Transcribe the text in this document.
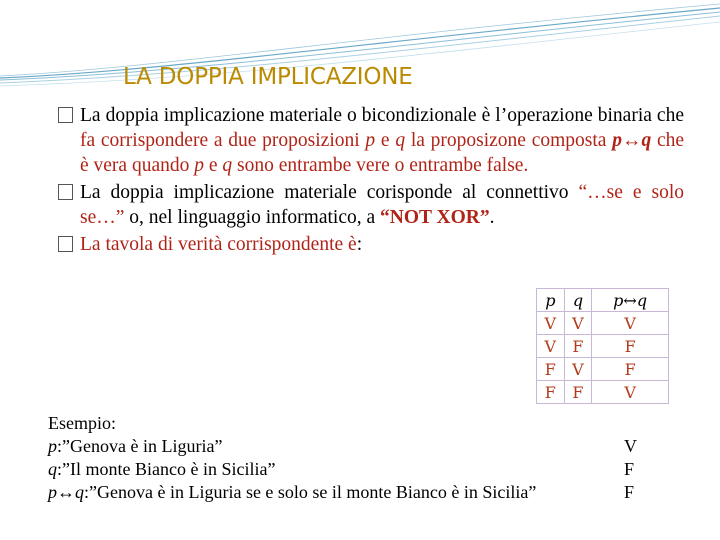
LA DOPPIA IMPLICAZIONE

La doppia implicazione materiale o bicondizionale è l’operazione binaria che fa corrispondere a due proposizioni p e q la proposizone composta p↔q che è vera quando p e q sono entrambe vere o entrambe false.

La doppia implicazione materiale corisponde al connettivo “…se e solo se…” o, nel linguaggio informatico, a “NOT XOR”.

La tavola di verità corrispondente è:

p	q	p↔q
V	V	V
V	F	F
F	V	F
F	F	V
Esempio:
p:”Genova è in Liguria”	V
q:”Il monte Bianco è in Sicilia”	F
p↔q:”Genova è in Liguria se e solo se il monte Bianco è in Sicilia”	F
